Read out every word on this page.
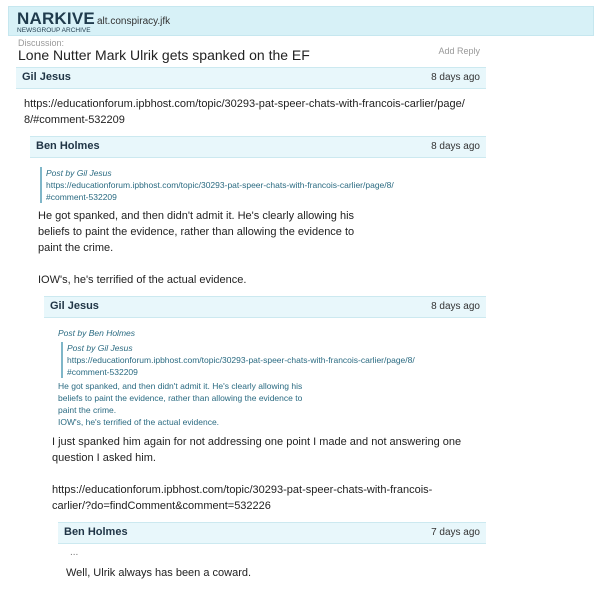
NARKIVE
NEWSGROUP ARCHIVE
alt.conspiracy.jfk
Discussion:
Lone Nutter Mark Ulrik gets spanked on the EF	Add Reply
Gil Jesus	8 days ago
https://educationforum.ipbhost.com/topic/30293-pat-speer-chats-with-francois-carlier/page/
8/#comment-532209
Ben Holmes	8 days ago
Post by Gil Jesus
https://educationforum.ipbhost.com/topic/30293-pat-speer-chats-with-francois-carlier/page/8/
#comment-532209
He got spanked, and then didn't admit it. He's clearly allowing his
beliefs to paint the evidence, rather than allowing the evidence to
paint the crime.
IOW's, he's terrified of the actual evidence.
Gil Jesus	8 days ago
Post by Ben Holmes
Post by Gil Jesus
https://educationforum.ipbhost.com/topic/30293-pat-speer-chats-with-francois-carlier/page/8/
#comment-532209
He got spanked, and then didn't admit it. He's clearly allowing his
beliefs to paint the evidence, rather than allowing the evidence to
paint the crime.
IOW's, he's terrified of the actual evidence.
I just spanked him again for not addressing one point I made and not answering one
question I asked him.
https://educationforum.ipbhost.com/topic/30293-pat-speer-chats-with-francois-
carlier/?do=findComment&comment=532226
Ben Holmes	7 days ago
...
Well, Ulrik always has been a coward.
